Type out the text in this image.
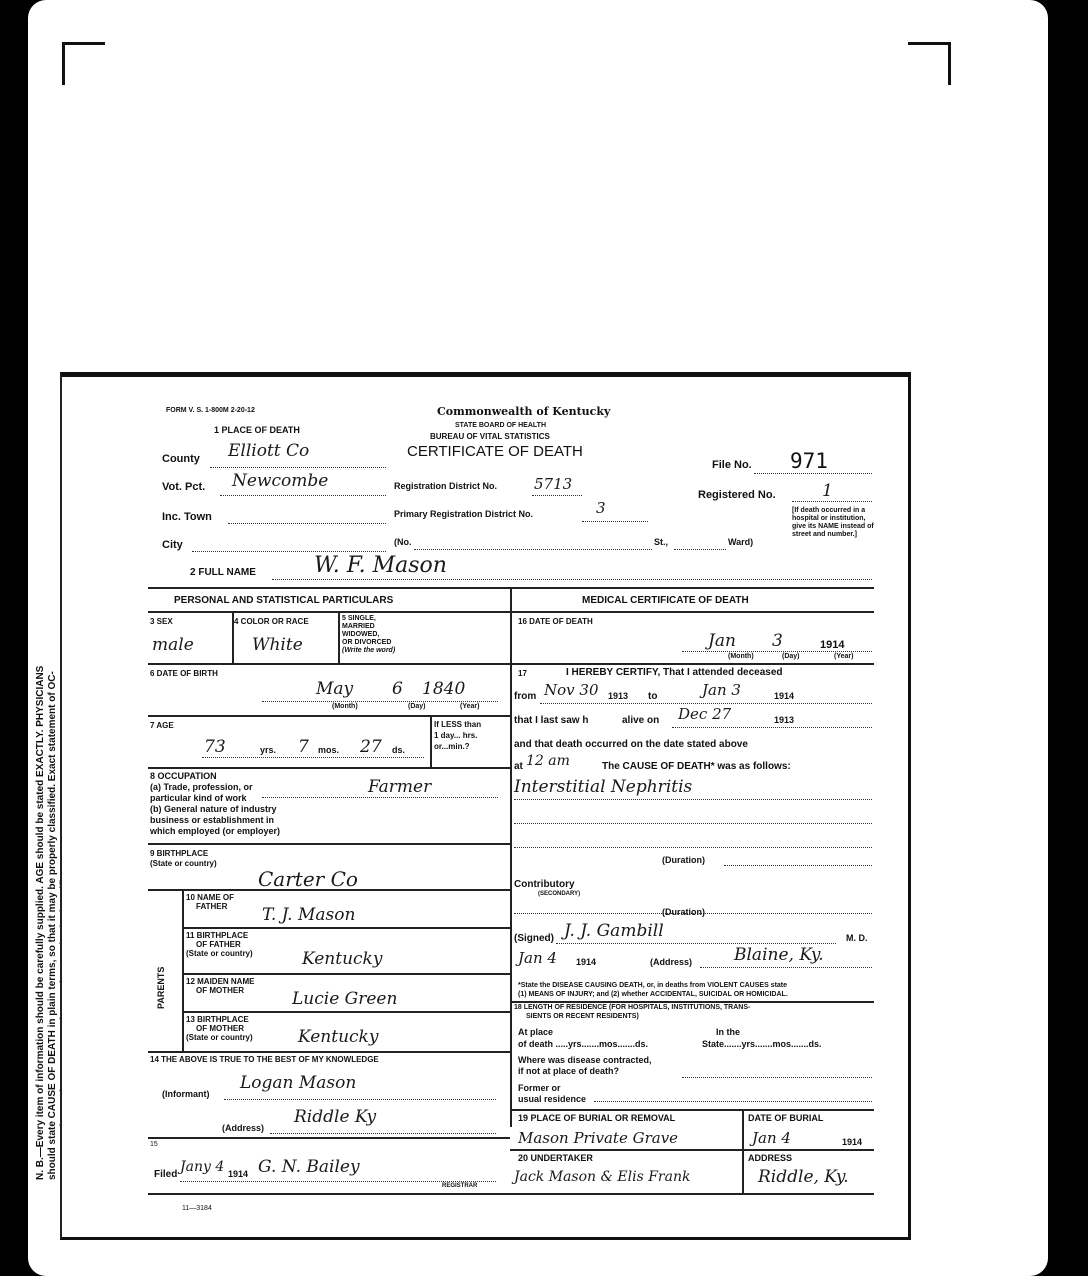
N. B.—Every item of information should be carefully supplied. AGE should be stated EXACTLY. PHYSICIANS should state CAUSE OF DEATH in plain terms, so that it may be properly classified. Exact statement of OC-
FORM V. S. 1-800M 2-20-12	Commonwealth of Kentucky
STATE BOARD OF HEALTH
BUREAU OF VITAL STATISTICS
CERTIFICATE OF DEATH
1 PLACE OF DEATH
County Elliott Co
File No. 971
Vot. Pct. Newcombe	Registration District No. 5713
Registered No.	1
Inc. Town	Primary Registration District No.	3	[If death occurred in a
hospital or institution,
give its NAME instead of
street and number.]
City	(No.	St.,	Ward)
2 FULL NAME	W. F. Mason
PERSONAL AND STATISTICAL PARTICULARS
3 SEX
male
4 COLOR OR RACE
White
5 SINGLE,
MARRIED
WIDOWED,
OR DIVORCED
(Write the word)
6 DATE OF BIRTH
May 6 1840
(Month)	(Day)	(Year)
7 AGE
73	yrs. 7 mos. 27 ds.
If LESS than
1 day... hrs.
or...min.?
8 OCCUPATION
(a) Trade, profession, or
particular kind of work
(b) General nature of industry
business or establishment in
which employed (or employer)
Farmer
9 BIRTHPLACE
(State or country)
Carter Co
PARENTS
10 NAME OF
FATHER	T. J. Mason
11 BIRTHPLACE
OF FATHER
(State or country)	Kentucky
12 MAIDEN NAME
OF MOTHER	Lucie Green
13 BIRTHPLACE
OF MOTHER
(State or country)	Kentucky
14 THE ABOVE IS TRUE TO THE BEST OF MY KNOWLEDGE
(Informant)
Logan Mason
(Address)
Riddle Ky
15
Filed Jany 4 1914 G. N. Bailey
REGISTRAR
11—3184
MEDICAL CERTIFICATE OF DEATH
16 DATE OF DEATH
Jan 3	1914
(Month)	(Day)	(Year)
17	I HEREBY CERTIFY, That I attended deceased
from Nov 30 1913 to	Jan 3	1914
that I last saw h	alive on Dec 27	1913
and that death occurred on the date stated above
at 12 am	The CAUSE OF DEATH* was as follows:
Interstitial Nephritis
(Duration)
Contributory
(SECONDARY)
(Duration)
(Signed) J. J. Gambill	M. D.
Jan 4 1914	(Address) Blaine, Ky.
*State the DISEASE CAUSING DEATH, or, in deaths from VIOLENT CAUSES state
(1) MEANS OF INJURY; and (2) whether ACCIDENTAL, SUICIDAL OR HOMICIDAL.
18 LENGTH OF RESIDENCE (FOR HOSPITALS, INSTITUTIONS, TRANS-
SIENTS OR RECENT RESIDENTS)
At place
of death .....yrs.......mos.......ds.
In the
State.......yrs.......mos.......ds.
Where was disease contracted,
if not at place of death?
Former or
usual residence
19 PLACE OF BURIAL OR REMOVAL	DATE OF BURIAL
Mason Private Grave	Jan 4	1914
20 UNDERTAKER	ADDRESS
Jack Mason & Elis Frank	Riddle, Ky.
